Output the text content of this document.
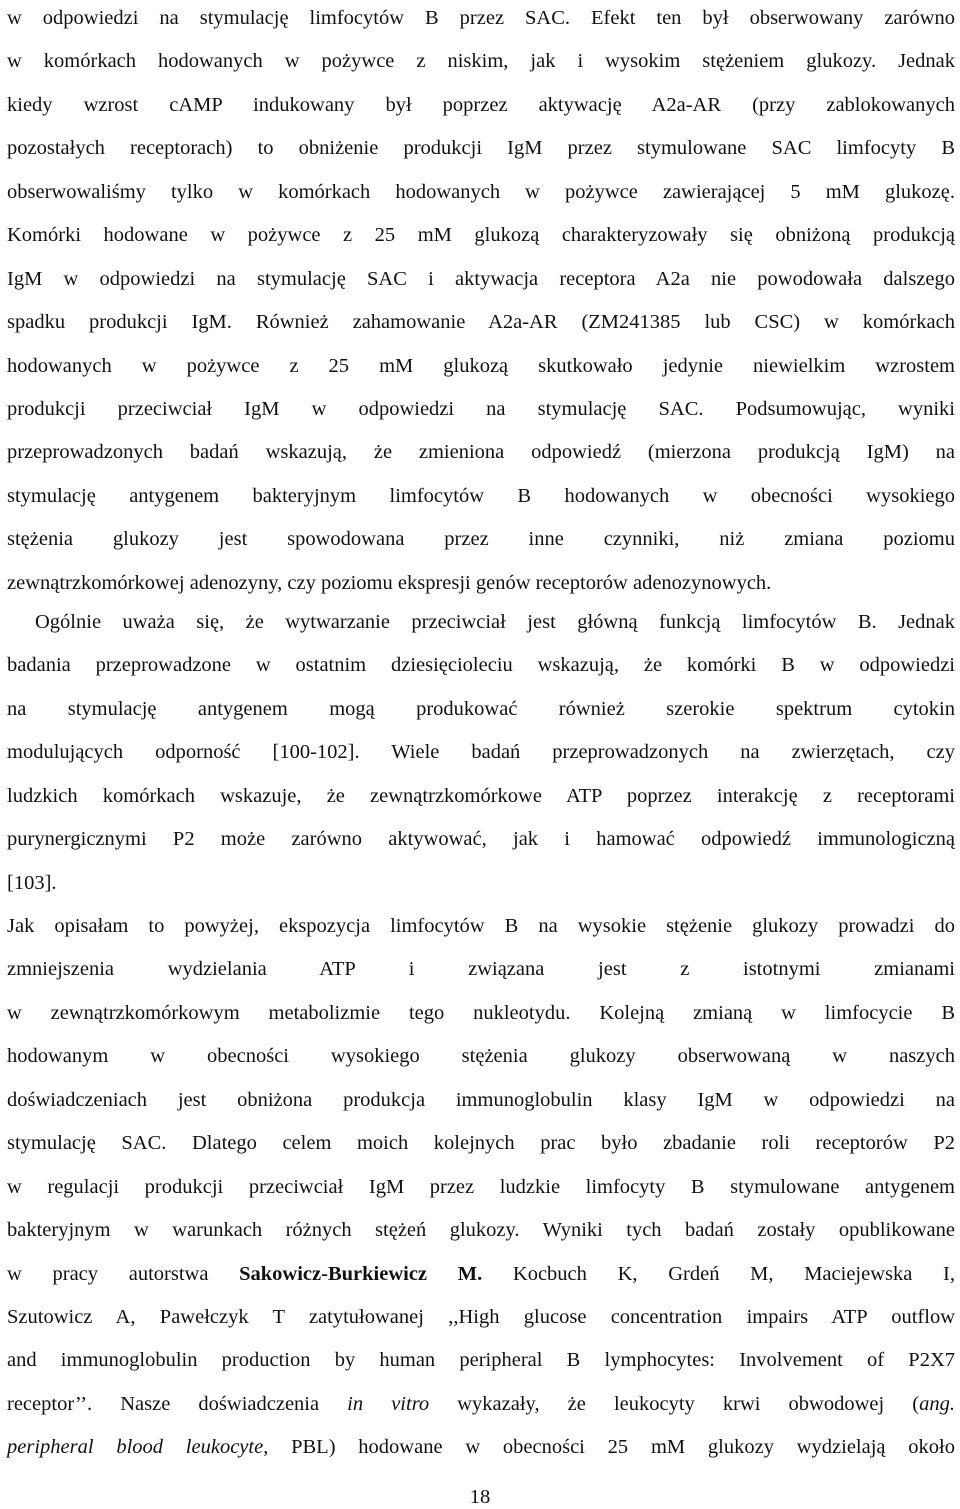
w odpowiedzi na stymulację limfocytów B przez SAC. Efekt ten był obserwowany zarówno
w komórkach hodowanych w pożywce z niskim, jak i wysokim stężeniem glukozy. Jednak
kiedy wzrost cAMP indukowany był poprzez aktywację A2a-AR (przy zablokowanych
pozostałych receptorach) to obniżenie produkcji IgM przez stymulowane SAC limfocyty B
obserwowaliśmy tylko w komórkach hodowanych w pożywce zawierającej 5 mM glukozę.
Komórki hodowane w pożywce z 25 mM glukozą charakteryzowały się obniżoną produkcją
IgM w odpowiedzi na stymulację SAC i aktywacja receptora A2a nie powodowała dalszego
spadku produkcji IgM. Również zahamowanie A2a-AR (ZM241385 lub CSC) w komórkach
hodowanych w pożywce z 25 mM glukozą skutkowało jedynie niewielkim wzrostem
produkcji przeciwciał IgM w odpowiedzi na stymulację SAC. Podsumowując, wyniki
przeprowadzonych badań wskazują, że zmieniona odpowiedź (mierzona produkcją IgM) na
stymulację antygenem bakteryjnym limfocytów B hodowanych w obecności wysokiego
stężenia glukozy jest spowodowana przez inne czynniki, niż zmiana poziomu
zewnątrzkomórkowej adenozyny, czy poziomu ekspresji genów receptorów adenozynowych.
Ogólnie uważa się, że wytwarzanie przeciwciał jest główną funkcją limfocytów B. Jednak
badania przeprowadzone w ostatnim dziesięcioleciu wskazują, że komórki B w odpowiedzi
na stymulację antygenem mogą produkować również szerokie spektrum cytokin
modulujących odporność [100-102]. Wiele badań przeprowadzonych na zwierzętach, czy
ludzkich komórkach wskazuje, że zewnątrzkomórkowe ATP poprzez interakcję z receptorami
purynergicznymi P2 może zarówno aktywować, jak i hamować odpowiedź immunologiczną
[103].
Jak opisałam to powyżej, ekspozycja limfocytów B na wysokie stężenie glukozy prowadzi do
zmniejszenia wydzielania ATP i związana jest z istotnymi zmianami
w zewnątrzkomórkowym metabolizmie tego nukleotydu. Kolejną zmianą w limfocycie B
hodowanym w obecności wysokiego stężenia glukozy obserwowaną w naszych
doświadczeniach jest obniżona produkcja immunoglobulin klasy IgM w odpowiedzi na
stymulację SAC. Dlatego celem moich kolejnych prac było zbadanie roli receptorów P2
w regulacji produkcji przeciwciał IgM przez ludzkie limfocyty B stymulowane antygenem
bakteryjnym w warunkach różnych stężeń glukozy. Wyniki tych badań zostały opublikowane
w pracy autorstwa Sakowicz-Burkiewicz M. Kocbuch K, Grdeń M, Maciejewska I,
Szutowicz A, Pawełczyk T zatytułowanej ,,High glucose concentration impairs ATP outflow
and immunoglobulin production by human peripheral B lymphocytes: Involvement of P2X7
receptor’’. Nasze doświadczenia in vitro wykazały, że leukocyty krwi obwodowej (ang.
peripheral blood leukocyte, PBL) hodowane w obecności 25 mM glukozy wydzielają około
18
